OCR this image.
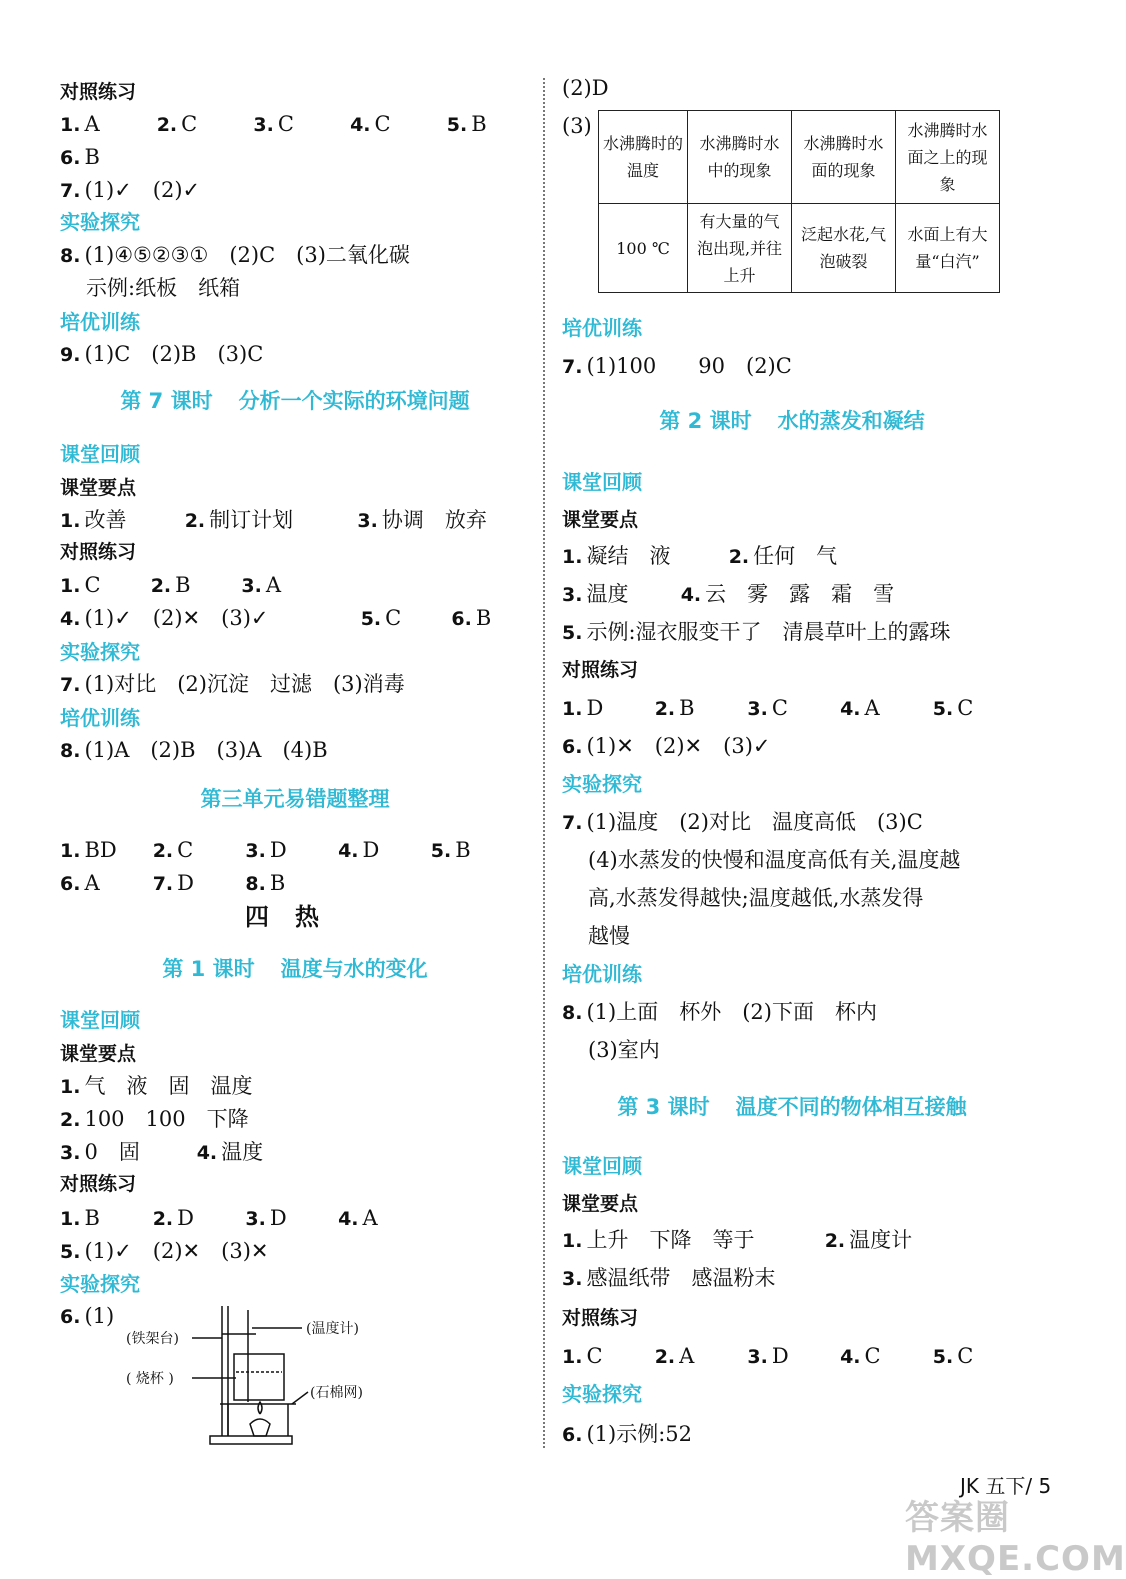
对照练习
1. A	2. C	3. C	4. C	5. B
6. B
7. (1)✓　(2)✓
实验探究
8. (1)④⑤②③①　(2)C　(3)二氧化碳
示例:纸板　纸箱
培优训练
9. (1)C　(2)B　(3)C
第 7 课时 分析一个实际的环境问题
课堂回顾
课堂要点
1. 改善	2. 制订计划	3. 协调　放弃
对照练习
1. C	2. B	3. A
4. (1)✓　(2)✕　(3)✓	5. C	6. B
实验探究
7. (1)对比　(2)沉淀　过滤　(3)消毒
培优训练
8. (1)A　(2)B　(3)A　(4)B
第三单元易错题整理
1. BD 2. C	3. D	4. D	5. B
6. A	7. D	8. B
四热
第 1 课时 温度与水的变化
课堂回顾
课堂要点
1. 气　液　固　温度
2. 100　100　下降
3. 0　固	4. 温度
对照练习
1. B	2. D	3. D	4. A
5. (1)✓　(2)✕　(3)✕
实验探究
6. (1)
(铁架台)
( 烧杯 )
(温度计)
(石棉网)
(2)D
(3)
水沸腾时的温度	水沸腾时水中的现象	水沸腾时水面的现象	水沸腾时水面之上的现象
100 ℃	有大量的气泡出现,并往上升	泛起水花,气泡破裂	水面上有大量“白汽”
培优训练
7. (1)100　　90　(2)C
第 2 课时 水的蒸发和凝结
课堂回顾
课堂要点
1. 凝结　液	2. 任何　气
3. 温度	4. 云　雾　露　霜　雪
5. 示例:湿衣服变干了　清晨草叶上的露珠
对照练习
1. D	2. B	3. C	4. A	5. C
6. (1)✕　(2)✕　(3)✓
实验探究
7. (1)温度　(2)对比　温度高低　(3)C
(4)水蒸发的快慢和温度高低有关,温度越
高,水蒸发得越快;温度越低,水蒸发得
越慢
培优训练
8. (1)上面　杯外　(2)下面　杯内
(3)室内
第 3 课时 温度不同的物体相互接触
课堂回顾
课堂要点
1. 上升　下降　等于	2. 温度计
3. 感温纸带　感温粉末
对照练习
1. C	2. A	3. D	4. C	5. C
实验探究
6. (1)示例:52
JK 五下/ 5
答案圈 MXQE.COM
